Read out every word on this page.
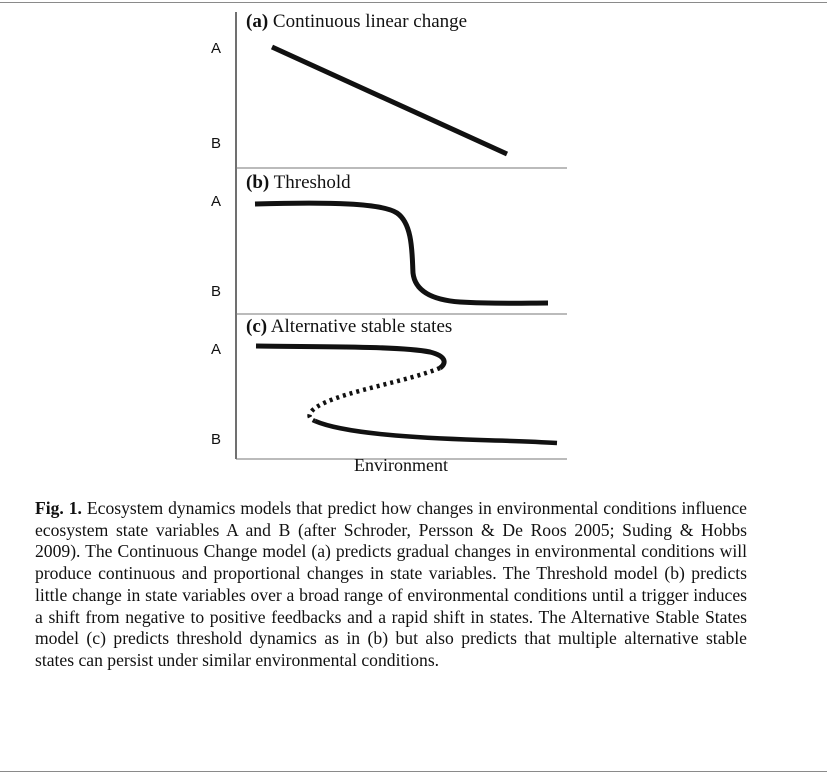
(a) Continuous linear change
A
B
(b) Threshold
A
B
(c) Alternative stable states
A
B
Environment

Fig. 1. Ecosystem dynamics models that predict how changes in environmental conditions influence ecosystem state variables A and B (after Schroder, Persson & De Roos 2005; Suding & Hobbs 2009). The Continuous Change model (a) predicts gradual changes in environmental conditions will produce continuous and proportional changes in state variables. The Threshold model (b) predicts little change in state variables over a broad range of environmental conditions until a trigger induces a shift from negative to positive feedbacks and a rapid shift in states. The Alternative Stable States model (c) predicts threshold dynamics as in (b) but also predicts that multiple alternative stable states can persist under similar environmental conditions.
